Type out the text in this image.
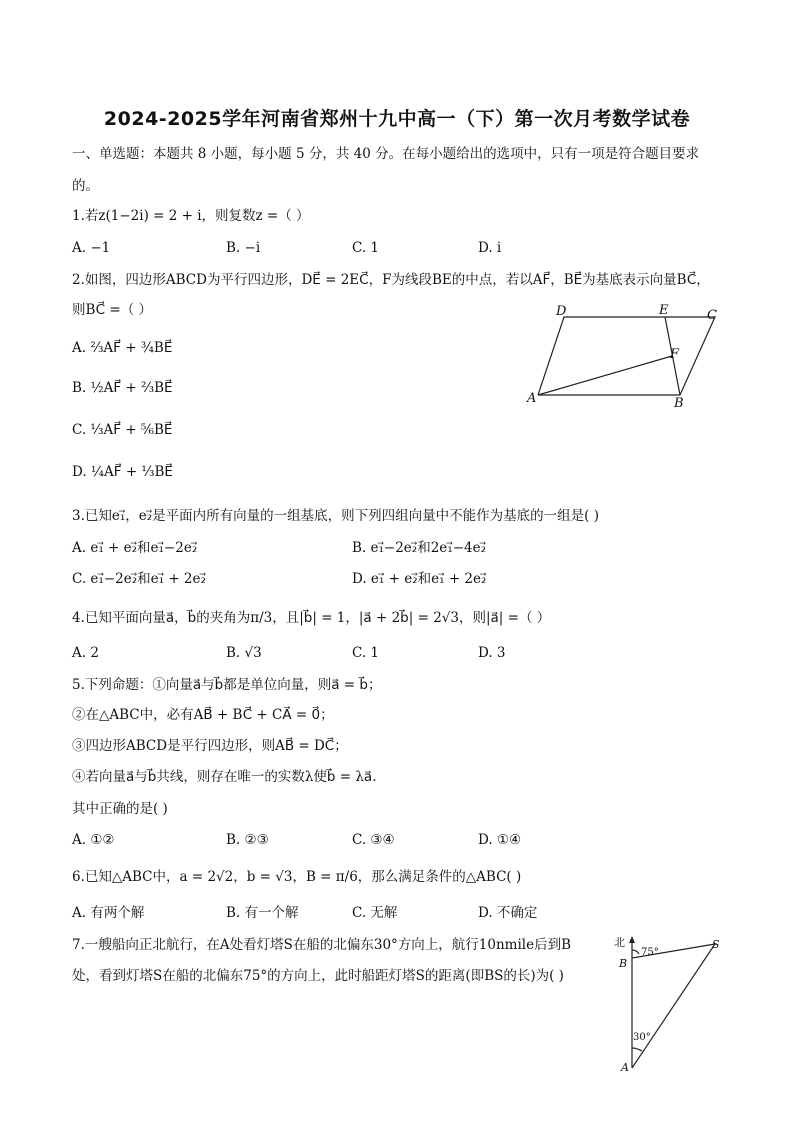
2024-2025学年河南省郑州十九中高一（下）第一次月考数学试卷
一、单选题：本题共 8 小题，每小题 5 分，共 40 分。在每小题给出的选项中，只有一项是符合题目要求
的。
1.若z(1−2i) = 2 + i，则复数z =（ ）
A. −1	B. −i	C. 1	D. i
2.如图，四边形ABCD为平行四边形，DE⃗ = 2EC⃗，F为线段BE的中点，若以AF⃗，BE⃗为基底表示向量BC⃗，
则BC⃗ =（ ）
A. ⅔AF⃗ + ¾BE⃗
B. ½AF⃗ + ⅔BE⃗
C. ⅓AF⃗ + ⅚BE⃗
D. ¼AF⃗ + ⅓BE⃗
D	E	C
F
A	B
3.已知e₁⃗，e₂⃗是平面内所有向量的一组基底，则下列四组向量中不能作为基底的一组是( )
A. e₁⃗ + e₂⃗和e₁⃗−2e₂⃗	B. e₁⃗−2e₂⃗和2e₁⃗−4e₂⃗
C. e₁⃗−2e₂⃗和e₁⃗ + 2e₂⃗	D. e₁⃗ + e₂⃗和e₁⃗ + 2e₂⃗
4.已知平面向量a⃗，b⃗的夹角为π/3，且|b⃗| = 1，|a⃗ + 2b⃗| = 2√3，则|a⃗| =（ ）
A. 2	B. √3	C. 1	D. 3
5.下列命题：①向量a⃗与b⃗都是单位向量，则a⃗ = b⃗；
②在△ABC中，必有AB⃗ + BC⃗ + CA⃗ = 0⃗；
③四边形ABCD是平行四边形，则AB⃗ = DC⃗；
④若向量a⃗与b⃗共线，则存在唯一的实数λ使b⃗ = λa⃗.
其中正确的是( )
A. ①②	B. ②③	C. ③④	D. ①④
6.已知△ABC中，a = 2√2，b = √3，B = π/6，那么满足条件的△ABC( )
A. 有两个解	B. 有一个解	C. 无解	D. 不确定
7.一艘船向正北航行，在A处看灯塔S在船的北偏东30°方向上，航行10nmile后到B
处，看到灯塔S在船的北偏东75°的方向上，此时船距灯塔S的距离(即BS的长)为( )
北
75°
S
B
30°
A
